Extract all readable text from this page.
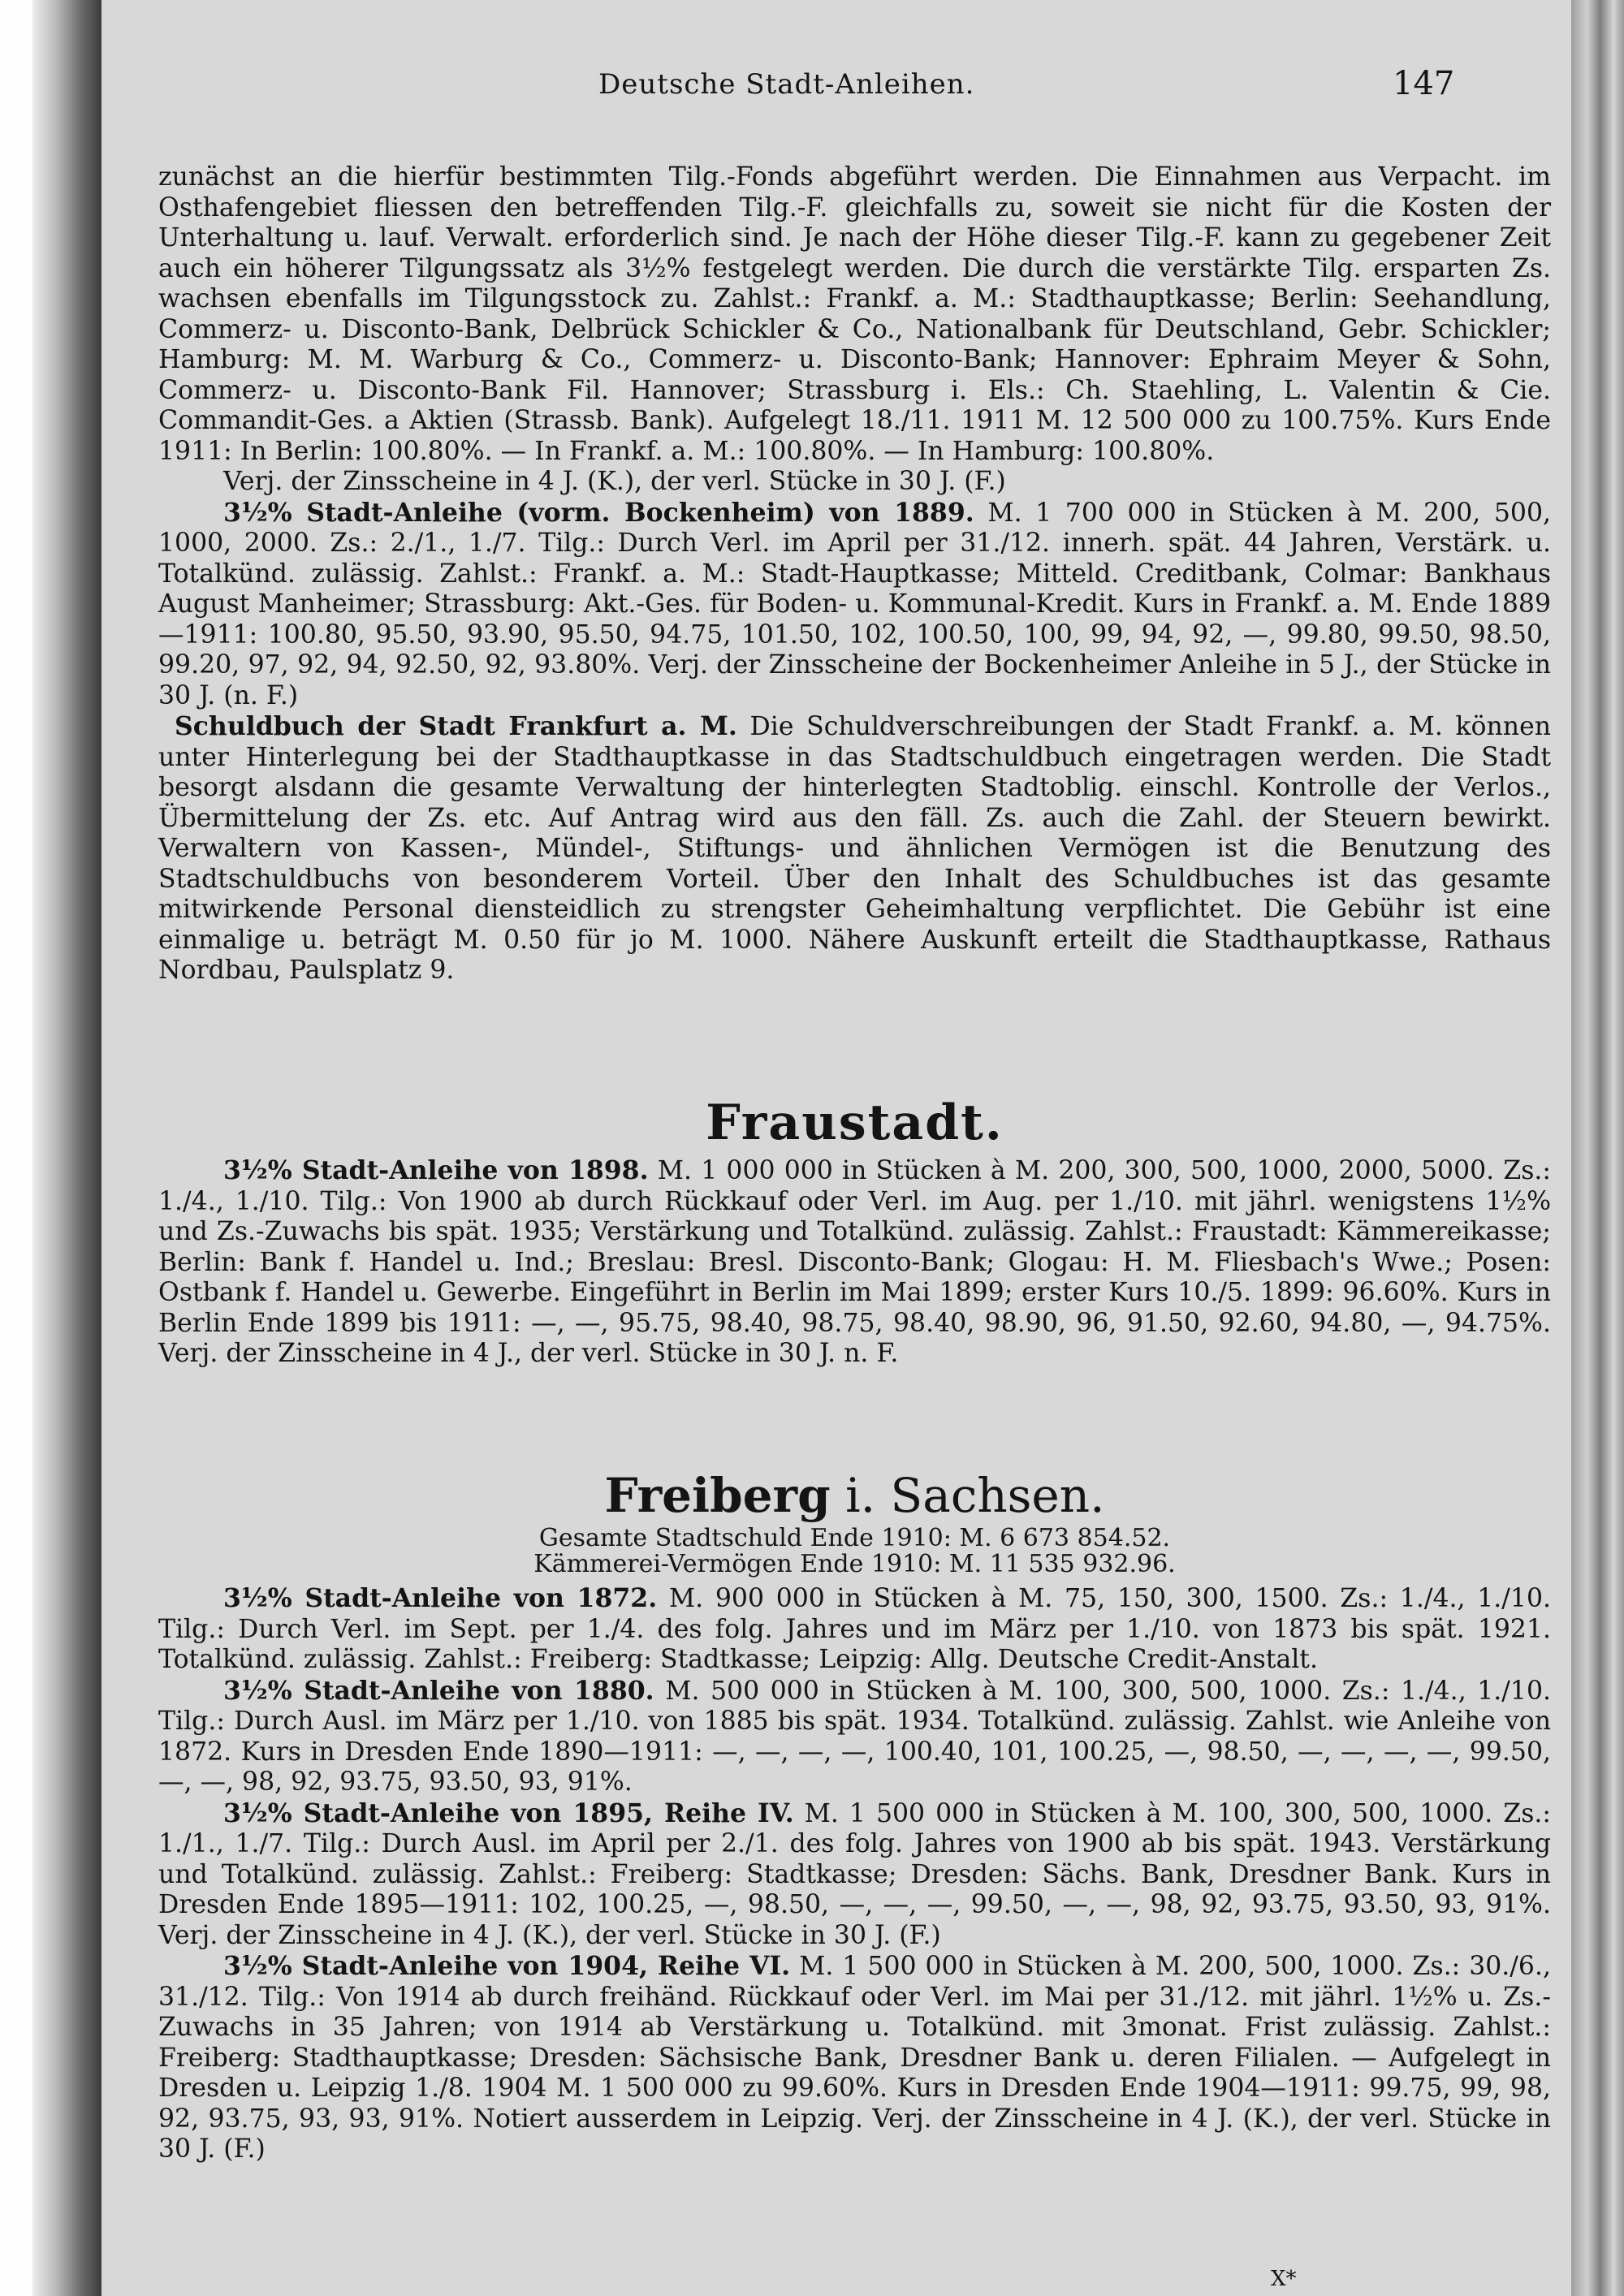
Deutsche Stadt-Anleihen.	147

zunächst an die hierfür bestimmten Tilg.-Fonds abgeführt werden. Die Einnahmen aus Verpacht. im Osthafengebiet fliessen den betreffenden Tilg.-F. gleichfalls zu, soweit sie nicht für die Kosten der Unterhaltung u. lauf. Verwalt. erforderlich sind. Je nach der Höhe dieser Tilg.-F. kann zu gegebener Zeit auch ein höherer Tilgungssatz als 3½% festgelegt werden. Die durch die verstärkte Tilg. ersparten Zs. wachsen ebenfalls im Tilgungsstock zu. Zahlst.: Frankf. a. M.: Stadthauptkasse; Berlin: Seehandlung, Commerz- u. Disconto-Bank, Delbrück Schickler & Co., Nationalbank für Deutschland, Gebr. Schickler; Hamburg: M. M. Warburg & Co., Commerz- u. Disconto-Bank; Hannover: Ephraim Meyer & Sohn, Commerz- u. Disconto-Bank Fil. Hannover; Strassburg i. Els.: Ch. Staehling, L. Valentin & Cie. Commandit-Ges. a Aktien (Strassb. Bank). Aufgelegt 18./11. 1911 M. 12 500 000 zu 100.75%. Kurs Ende 1911: In Berlin: 100.80%. — In Frankf. a. M.: 100.80%. — In Hamburg: 100.80%.

Verj. der Zinsscheine in 4 J. (K.), der verl. Stücke in 30 J. (F.)

3½% Stadt-Anleihe (vorm. Bockenheim) von 1889. M. 1 700 000 in Stücken à M. 200, 500, 1000, 2000. Zs.: 2./1., 1./7. Tilg.: Durch Verl. im April per 31./12. innerh. spät. 44 Jahren, Verstärk. u. Totalkünd. zulässig. Zahlst.: Frankf. a. M.: Stadt-Hauptkasse; Mitteld. Creditbank, Colmar: Bankhaus August Manheimer; Strassburg: Akt.-Ges. für Boden- u. Kommunal-Kredit. Kurs in Frankf. a. M. Ende 1889—1911: 100.80, 95.50, 93.90, 95.50, 94.75, 101.50, 102, 100.50, 100, 99, 94, 92, —, 99.80, 99.50, 98.50, 99.20, 97, 92, 94, 92.50, 92, 93.80%. Verj. der Zinsscheine der Bockenheimer Anleihe in 5 J., der Stücke in 30 J. (n. F.)

Schuldbuch der Stadt Frankfurt a. M. Die Schuldverschreibungen der Stadt Frankf. a. M. können unter Hinterlegung bei der Stadthauptkasse in das Stadtschuldbuch eingetragen werden. Die Stadt besorgt alsdann die gesamte Verwaltung der hinterlegten Stadtoblig. einschl. Kontrolle der Verlos., Übermittelung der Zs. etc. Auf Antrag wird aus den fäll. Zs. auch die Zahl. der Steuern bewirkt. Verwaltern von Kassen-, Mündel-, Stiftungs- und ähnlichen Vermögen ist die Benutzung des Stadtschuldbuchs von besonderem Vorteil. Über den Inhalt des Schuldbuches ist das gesamte mitwirkende Personal dienstеidlich zu strengster Geheimhaltung verpflichtet. Die Gebühr ist eine einmalige u. beträgt M. 0.50 für jo M. 1000. Nähere Auskunft erteilt die Stadthauptkasse, Rathaus Nordbau, Paulsplatz 9.

Fraustadt.

3½% Stadt-Anleihe von 1898. M. 1 000 000 in Stücken à M. 200, 300, 500, 1000, 2000, 5000. Zs.: 1./4., 1./10. Tilg.: Von 1900 ab durch Rückkauf oder Verl. im Aug. per 1./10. mit jährl. wenigstens 1½% und Zs.-Zuwachs bis spät. 1935; Verstärkung und Totalkünd. zulässig. Zahlst.: Fraustadt: Kämmereikasse; Berlin: Bank f. Handel u. Ind.; Breslau: Bresl. Disconto-Bank; Glogau: H. M. Fliesbach's Wwe.; Posen: Ostbank f. Handel u. Gewerbe. Eingeführt in Berlin im Mai 1899; erster Kurs 10./5. 1899: 96.60%. Kurs in Berlin Ende 1899 bis 1911: —, —, 95.75, 98.40, 98.75, 98.40, 98.90, 96, 91.50, 92.60, 94.80, —, 94.75%. Verj. der Zinsscheine in 4 J., der verl. Stücke in 30 J. n. F.

Freiberg i. Sachsen.
Gesamte Stadtschuld Ende 1910: M. 6 673 854.52.
Kämmerei-Vermögen Ende 1910: M. 11 535 932.96.

3½% Stadt-Anleihe von 1872. M. 900 000 in Stücken à M. 75, 150, 300, 1500. Zs.: 1./4., 1./10. Tilg.: Durch Verl. im Sept. per 1./4. des folg. Jahres und im März per 1./10. von 1873 bis spät. 1921. Totalkünd. zulässig. Zahlst.: Freiberg: Stadtkasse; Leipzig: Allg. Deutsche Credit-Anstalt.

3½% Stadt-Anleihe von 1880. M. 500 000 in Stücken à M. 100, 300, 500, 1000. Zs.: 1./4., 1./10. Tilg.: Durch Ausl. im März per 1./10. von 1885 bis spät. 1934. Totalkünd. zulässig. Zahlst. wie Anleihe von 1872. Kurs in Dresden Ende 1890—1911: —, —, —, —, 100.40, 101, 100.25, —, 98.50, —, —, —, —, 99.50, —, —, 98, 92, 93.75, 93.50, 93, 91%.

3½% Stadt-Anleihe von 1895, Reihe IV. M. 1 500 000 in Stücken à M. 100, 300, 500, 1000. Zs.: 1./1., 1./7. Tilg.: Durch Ausl. im April per 2./1. des folg. Jahres von 1900 ab bis spät. 1943. Verstärkung und Totalkünd. zulässig. Zahlst.: Freiberg: Stadtkasse; Dresden: Sächs. Bank, Dresdner Bank. Kurs in Dresden Ende 1895—1911: 102, 100.25, —, 98.50, —, —, —, 99.50, —, —, 98, 92, 93.75, 93.50, 93, 91%. Verj. der Zinsscheine in 4 J. (K.), der verl. Stücke in 30 J. (F.)

3½% Stadt-Anleihe von 1904, Reihe VI. M. 1 500 000 in Stücken à M. 200, 500, 1000. Zs.: 30./6., 31./12. Tilg.: Von 1914 ab durch freihänd. Rückkauf oder Verl. im Mai per 31./12. mit jährl. 1½% u. Zs.-Zuwachs in 35 Jahren; von 1914 ab Verstärkung u. Totalkünd. mit 3monat. Frist zulässig. Zahlst.: Freiberg: Stadthauptkasse; Dresden: Sächsische Bank, Dresdner Bank u. deren Filialen. — Aufgelegt in Dresden u. Leipzig 1./8. 1904 M. 1 500 000 zu 99.60%. Kurs in Dresden Ende 1904—1911: 99.75, 99, 98, 92, 93.75, 93, 93, 91%. Notiert ausserdem in Leipzig. Verj. der Zinsscheine in 4 J. (K.), der verl. Stücke in 30 J. (F.)

X*
